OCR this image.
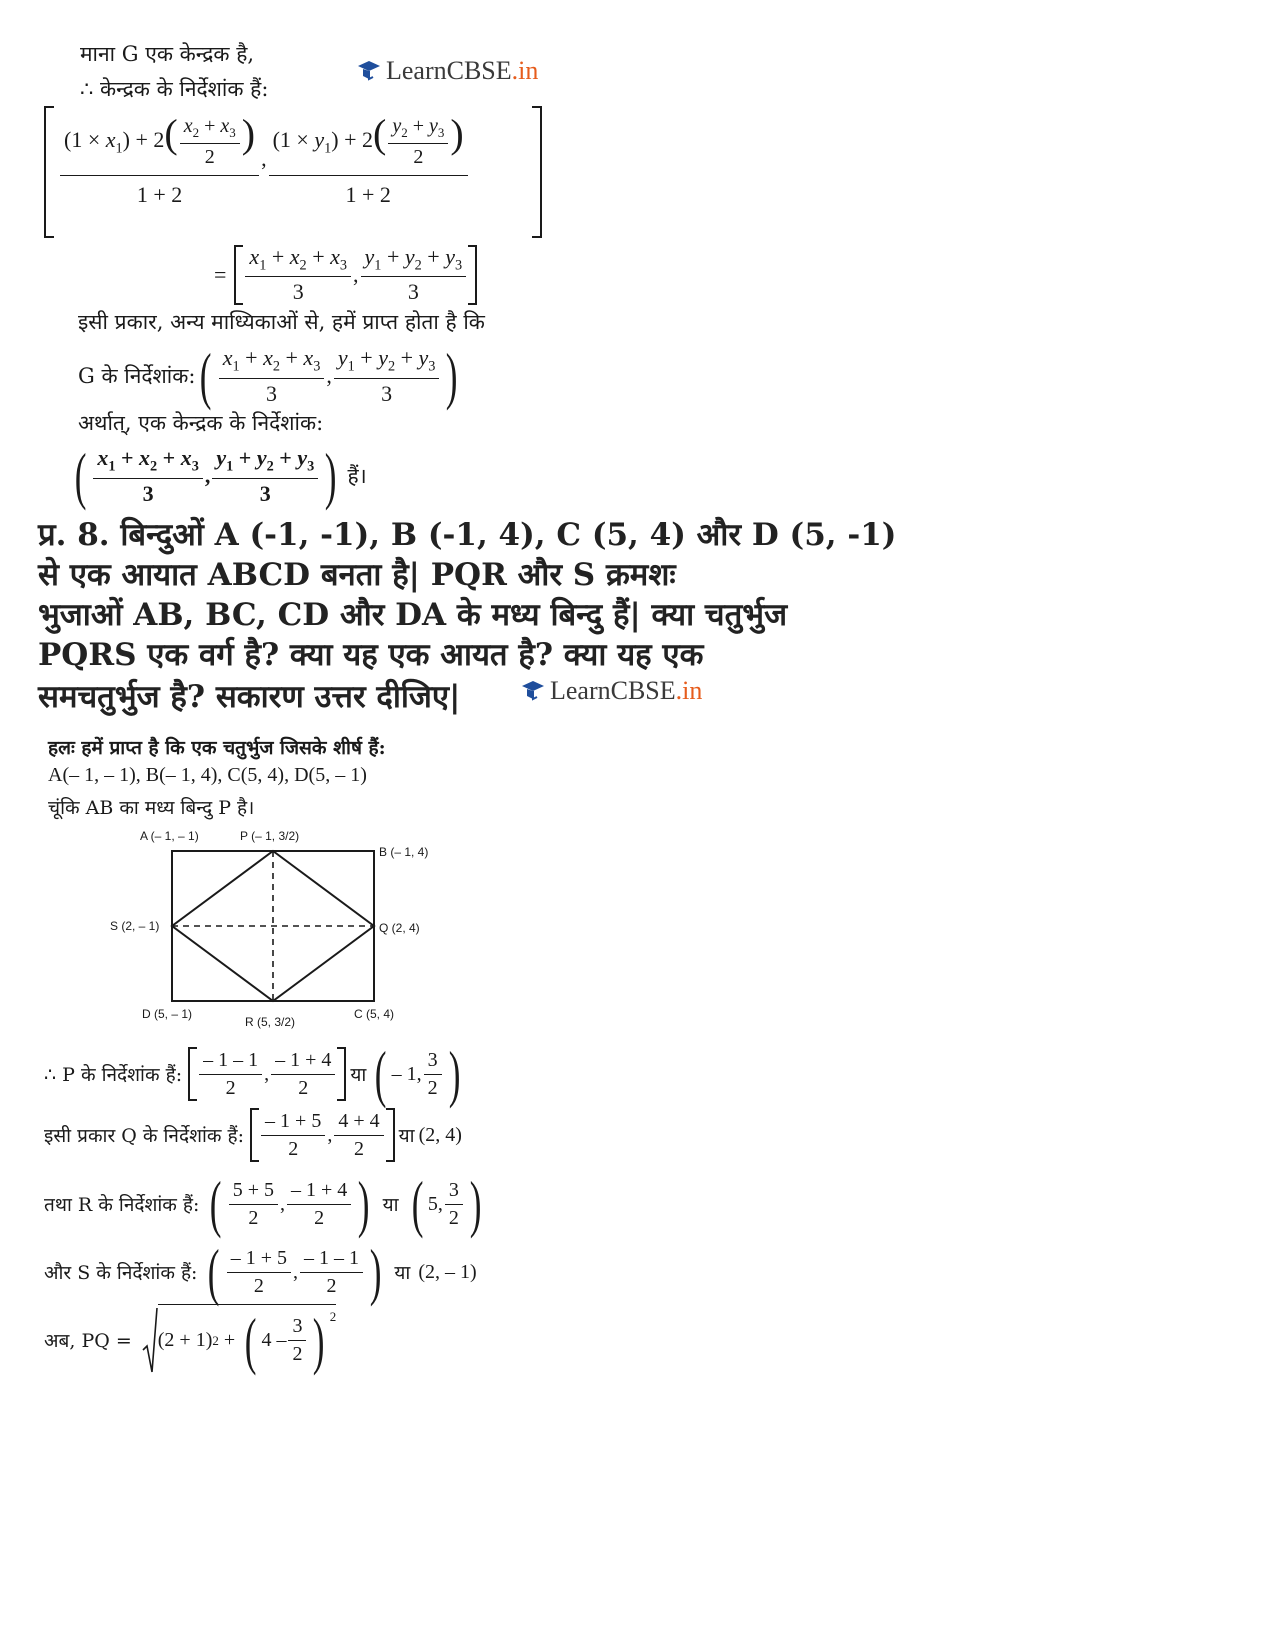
LearnCBSE .in
माना G एक केन्द्रक है,
∴ केन्द्रक के निर्देशांक हैं:
$\frac{(1 \times x_1) + 2( \frac{x_2 + x_3}{2} )}{1 + 2}$ , $\frac{(1 \times y_1) + 2( \frac{y_2 + y_3}{2} )}{1 + 2}$
= $\frac{x_1 + x_2 + x_3}{3}$ , $\frac{y_1 + y_2 + y_3}{3}$
इसी प्रकार, अन्य माध्यिकाओं से, हमें प्राप्त होता है कि
G के निर्देशांक: ( $\frac{x_1 + x_2 + x_3}{3}$ , $\frac{y_1 + y_2 + y_3}{3}$ )
अर्थात्, एक केन्द्रक के निर्देशांक:
( $\frac{x_1 + x_2 + x_3}{3}$ , $\frac{y_1 + y_2 + y_3}{3}$ ) हैं।
प्र. 8. बिन्दुओं A (-1, -1), B (-1, 4), C (5, 4) और D (5, -1)
से एक आयात ABCD बनता है| PQR और S क्रमशः
भुजाओं AB, BC, CD और DA के मध्य बिन्दु हैं| क्या चतुर्भुज
PQRS एक वर्ग है? क्या यह एक आयत है? क्या यह एक
समचतुर्भुज है? सकारण उत्तर दीजिए|	LearnCBSE .in
हलः हमें प्राप्त है कि एक चतुर्भुज जिसके शीर्ष हैं:
A(– 1, – 1), B(– 1, 4), C(5, 4), D(5, – 1)
चूंकि AB का मध्य बिन्दु P है।
A (– 1, – 1)	P (– 1, 3/2)
B (– 1, 4)
S (2, – 1)	Q (2, 4)
D (5, – 1)
R (5, 3/2)
C (5, 4)
∴ P के निर्देशांक हैं: $\frac{- 1 - 1}{2}$ , $\frac{- 1 + 4}{2}$ या ( – 1, $\frac{3}{2}$ )
इसी प्रकार Q के निर्देशांक हैं: $\frac{- 1 + 5}{2}$ , $\frac{4 + 4}{2}$ या (2, 4)
तथा R के निर्देशांक हैं: ( $\frac{5 + 5}{2}$ , $\frac{- 1 + 4}{2}$ ) या ( 5, $\frac{3}{2}$ )
और S के निर्देशांक हैं: ( $\frac{- 1 + 5}{2}$ , $\frac{- 1 - 1}{2}$ ) या (2, – 1)
अब, PQ = (2 + 1) 2 + ( $4 - \frac{3}{2}$ ) $^2$
